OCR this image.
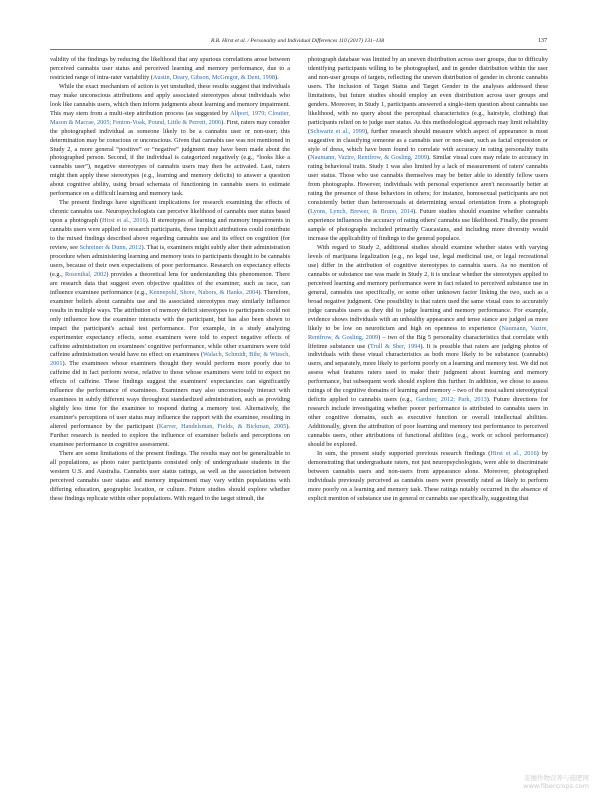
R.B. Hirst et al. / Personality and Individual Differences 110 (2017) 131–138	137

validity of the findings by reducing the likelihood that any spurious correlations arose between perceived cannabis user status and perceived learning and memory performance, due to a restricted range of intra-rater variability (Austin, Deary, Gibson, McGregor, & Dent, 1998).

While the exact mechanism of action is yet unstudied, these results suggest that individuals may make unconscious attributions and apply associated stereotypes about individuals who look like cannabis users, which then inform judgments about learning and memory impairment. This may stem from a multi-step attribution process (as suggested by Allport, 1979; Cloutier, Mason & Macrae, 2005; Fenton-Voak, Pound, Little & Perrett, 2006). First, raters may consider the photographed individual as someone likely to be a cannabis user or non-user; this determination may be conscious or unconscious. Given that cannabis use was not mentioned in Study 2, a more general “positive” or “negative” judgment may have been made about the photographed person. Second, if the individual is categorized negatively (e.g., “looks like a cannabis user”), negative stereotypes of cannabis users may then be activated. Last, raters might then apply these stereotypes (e.g., learning and memory deficits) to answer a question about cognitive ability, using broad schemata of functioning in cannabis users to estimate performance on a difficult learning and memory task.

The present findings have significant implications for research examining the effects of chronic cannabis use. Neuropsychologists can perceive likelihood of cannabis user status based upon a photograph (Hirst et al., 2016). If stereotypes of learning and memory impairments in cannabis users were applied to research participants, these implicit attributions could contribute to the mixed findings described above regarding cannabis use and its effect on cognition (for review, see Schreiner & Dunn, 2012). That is, examiners might subtly alter their administration procedure when administering learning and memory tests to participants thought to be cannabis users, because of their own expectations of poor performance. Research on expectancy effects (e.g., Rosenthal, 2002) provides a theoretical lens for understanding this phenomenon. There are research data that suggest even objective qualities of the examiner, such as race, can influence examinee performance (e.g., Kennepohl, Shore, Nabors, & Hanks, 2004). Therefore, examiner beliefs about cannabis use and its associated stereotypes may similarly influence results in multiple ways. The attribution of memory deficit stereotypes to participants could not only influence how the examiner interacts with the participant, but has also been shown to impact the participant's actual test performance. For example, in a study analyzing experimenter expectancy effects, some examiners were told to expect negative effects of caffeine administration on examinees' cognitive performance, while other examiners were told caffeine administration would have no effect on examinees (Walach, Schmidt, Bihr, & Wiesch, 2001). The examinees whose examiners thought they would perform more poorly due to caffeine did in fact perform worse, relative to those whose examiners were told to expect no effects of caffeine. These findings suggest the examiners' expectancies can significantly influence the performance of examinees. Examiners may also unconsciously interact with examinees in subtly different ways throughout standardized administration, such as providing slightly less time for the examinee to respond during a memory test. Alternatively, the examiner's perceptions of user status may influence the rapport with the examinee, resulting in altered performance by the participant (Karver, Handelsman, Fields, & Bickman, 2005). Further research is needed to explore the influence of examiner beliefs and perceptions on examinee performance in cognitive assessment.

There are some limitations of the present findings. The results may not be generalizable to all populations, as photo rater participants consisted only of undergraduate students in the western U.S. and Australia. Cannabis user status ratings, as well as the association between perceived cannabis user status and memory impairment may vary within populations with differing education, geographic location, or culture. Future studies should explore whether these findings replicate within other populations. With regard to the target stimuli, the

photograph database was limited by an uneven distribution across user groups, due to difficulty identifying participants willing to be photographed, and in gender distribution within the user and non-user groups of targets, reflecting the uneven distribution of gender in chronic cannabis users. The inclusion of Target Status and Target Gender in the analyses addressed these limitations, but future studies should employ an even distribution across user groups and genders. Moreover, in Study 1, participants answered a single-item question about cannabis use likelihood, with no query about the perceptual characteristics (e.g., hairstyle, clothing) that participants relied on to judge user status. As this methodological approach may limit reliability (Schwartz et al., 1999), further research should measure which aspect of appearance is most suggestive in classifying someone as a cannabis user or non-user, such as facial expression or style of dress, which have been found to correlate with accuracy in rating personality traits (Naumann, Vazire, Rentfrow, & Gosling, 2009). Similar visual cues may relate to accuracy in rating behavioral traits. Study 1 was also limited by a lack of measurement of raters' cannabis user status. Those who use cannabis themselves may be better able to identify fellow users from photographs. However, individuals with personal experience aren't necessarily better at rating the presence of these behaviors in others; for instance, homosexual participants are not consistently better than heterosexuals at determining sexual orientation from a photograph (Lyons, Lynch, Brewer, & Bruno, 2014). Future studies should examine whether cannabis experience influences the accuracy of rating others' cannabis use likelihood. Finally, the present sample of photographs included primarily Caucasians, and including more diversity would increase the applicability of findings to the general populace.

With regard to Study 2, additional studies should examine whether states with varying levels of marijuana legalization (e.g., no legal use, legal medicinal use, or legal recreational use) differ in the attribution of cognitive stereotypes to cannabis users. As no mention of cannabis or substance use was made in Study 2, it is unclear whether the stereotypes applied to perceived learning and memory performance were in fact related to perceived substance use in general, cannabis use specifically, or some other unknown factor linking the two, such as a broad negative judgment. One possibility is that raters used the same visual cues to accurately judge cannabis users as they did to judge learning and memory performance. For example, evidence shows individuals with an unhealthy appearance and tense stance are judged as more likely to be low on neuroticism and high on openness to experience (Naumann, Vazire, Rentfrow, & Gosling, 2009) – two of the Big 5 personality characteristics that correlate with lifetime substance use (Trull & Sher, 1994). It is possible that raters are judging photos of individuals with these visual characteristics as both more likely to be substance (cannabis) users, and separately, more likely to perform poorly on a learning and memory test. We did not assess what features raters used to make their judgment about learning and memory performance, but subsequent work should explore this further. In addition, we chose to assess ratings of the cognitive domains of learning and memory – two of the most salient stereotypical deficits applied to cannabis users (e.g., Gardner, 2012; Park, 2013). Future directions for research include investigating whether poorer performance is attributed to cannabis users in other cognitive domains, such as executive function or overall intellectual abilities. Additionally, given the attribution of poor learning and memory test performance to perceived cannabis users, other attributions of functional abilities (e.g., work or school performance) should be explored.

In sum, the present study supported previous research findings (Hirst et al., 2016) by demonstrating that undergraduate raters, not just neuropsychologists, were able to discriminate between cannabis users and non-users from appearance alone. Moreover, photographed individuals previously perceived as cannabis users were presently rated as likely to perform more poorly on a learning and memory task. These ratings notably occurred in the absence of explicit mention of substance use in general or cannabis use specifically, suggesting that

麦穗作物营养与施肥网
www.fibercrops.com
